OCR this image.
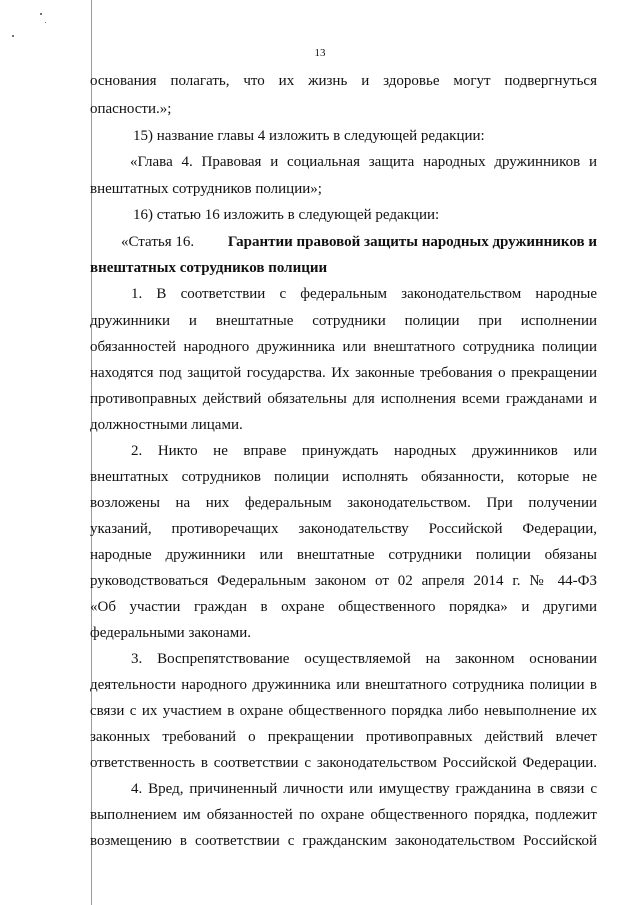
13
основания полагать, что их жизнь и здоровье могут подвергнуться
опасности.»;
15) название главы 4 изложить в следующей редакции:
«Глава 4. Правовая и социальная защита народных дружинников и
внештатных сотрудников полиции»;
16) статью 16 изложить в следующей редакции:
«Статья 16. Гарантии правовой защиты народных дружинников и
внештатных сотрудников полиции
1. В соответствии с федеральным законодательством народные
дружинники и внештатные сотрудники полиции при исполнении
обязанностей народного дружинника или внештатного сотрудника полиции
находятся под защитой государства. Их законные требования о прекращении
противоправных действий обязательны для исполнения всеми гражданами и
должностными лицами.
2. Никто не вправе принуждать народных дружинников или
внештатных сотрудников полиции исполнять обязанности, которые не
возложены на них федеральным законодательством. При получении
указаний, противоречащих законодательству Российской Федерации,
народные дружинники или внештатные сотрудники полиции обязаны
руководствоваться Федеральным законом от 02 апреля 2014 г. № 44-ФЗ
«Об участии граждан в охране общественного порядка» и другими
федеральными законами.
3. Воспрепятствование осуществляемой на законном основании
деятельности народного дружинника или внештатного сотрудника полиции в
связи с их участием в охране общественного порядка либо невыполнение их
законных требований о прекращении противоправных действий влечет
ответственность в соответствии с законодательством Российской Федерации.
4. Вред, причиненный личности или имуществу гражданина в связи с
выполнением им обязанностей по охране общественного порядка, подлежит
возмещению в соответствии с гражданским законодательством Российской
